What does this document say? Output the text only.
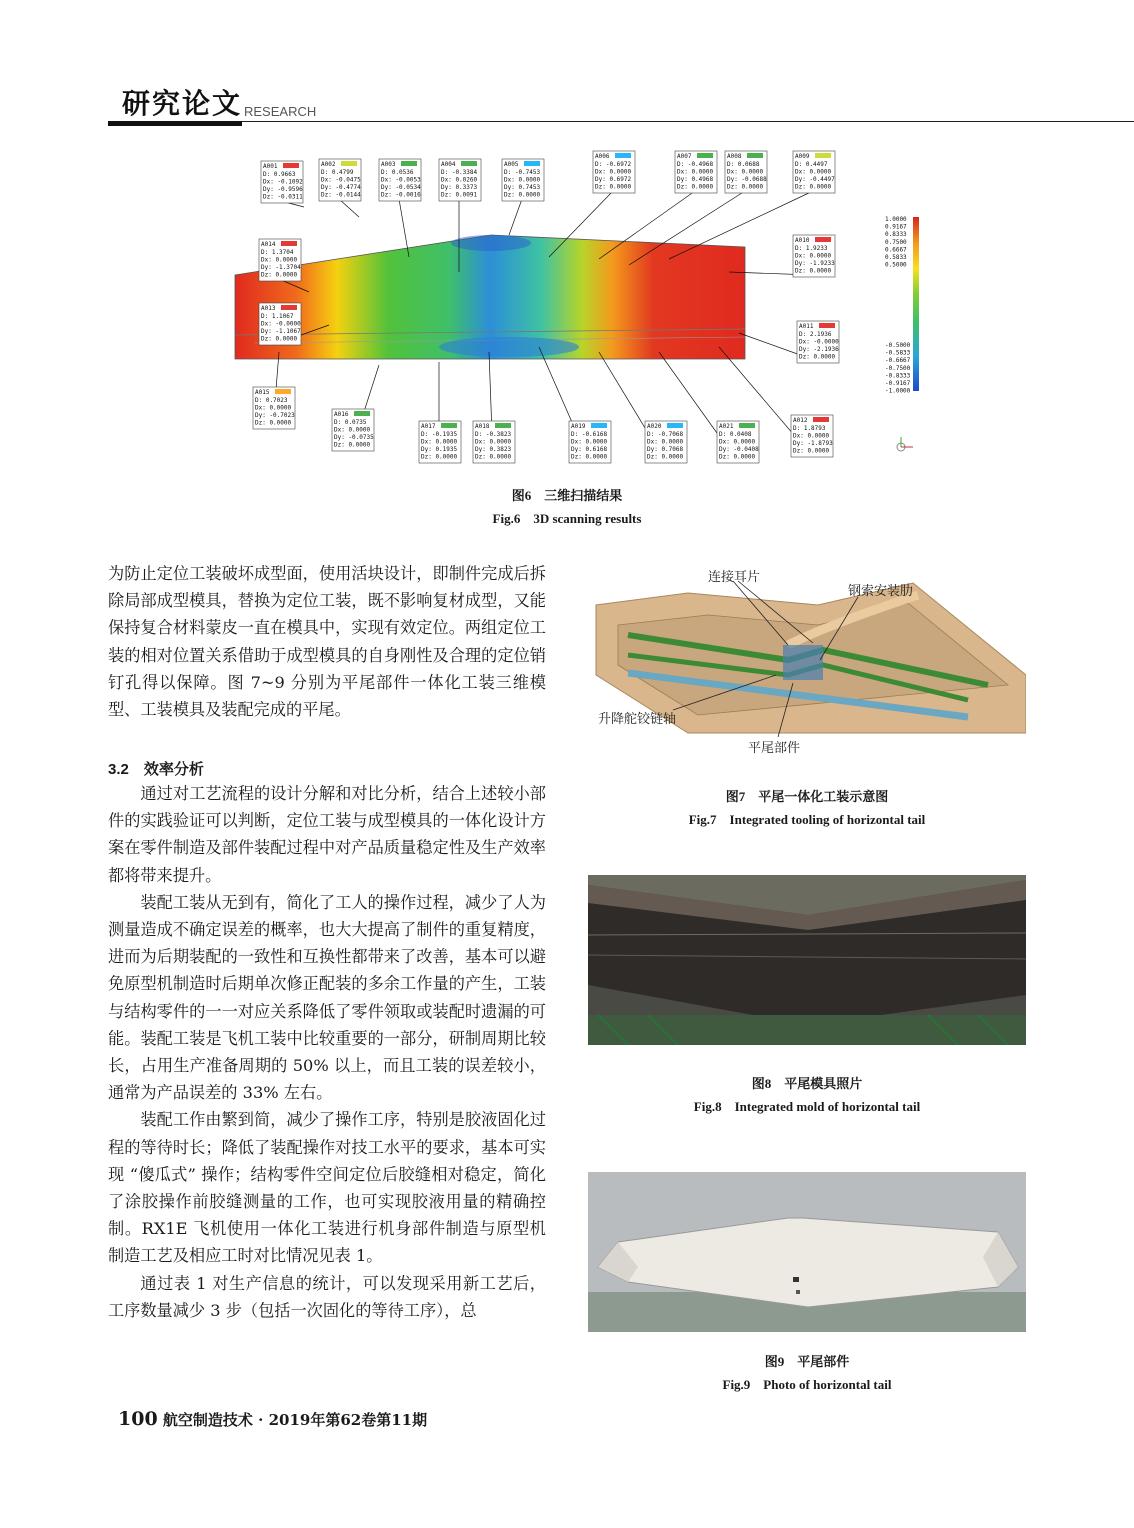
研究论文 RESEARCH
1.0000
0.9167
0.8333
0.7500
0.6667
0.5833
0.5000
-0.5000
-0.5833
-0.6667
-0.7500
-0.8333
-0.9167
-1.0000
A001
D: 0.9663
Dx: -0.1092
Dy: -0.9596
Dz: -0.0311
A002
D: 0.4799
Dx: -0.0475
Dy: -0.4774
Dz: -0.0144
A003
D: 0.0536
Dx: -0.0053
Dy: -0.0534
Dz: -0.0016
A004
D: -0.3384
Dx: 0.0260
Dy: 0.3373
Dz: 0.0091
A005
D: -0.7453
Dx: 0.0000
Dy: 0.7453
Dz: 0.0000
A006
D: -0.6972
Dx: 0.0000
Dy: 0.6972
Dz: 0.0000
A007
D: -0.4968
Dx: 0.0000
Dy: 0.4968
Dz: 0.0000
A008
D: 0.0688
Dx: 0.0000
Dy: -0.0688
Dz: 0.0000
A009
D: 0.4497
Dx: 0.0000
Dy: -0.4497
Dz: 0.0000
A010
D: 1.9233
Dx: 0.0000
Dy: -1.9233
Dz: 0.0000
A011
D: 2.1936
Dx: -0.0000
Dy: -2.1936
Dz: 0.0000
A012
D: 1.8793
Dx: 0.0000
Dy: -1.8793
Dz: 0.0000
A013
D: 1.1067
Dx: -0.0000
Dy: -1.1067
Dz: 0.0000
A014
D: 1.3704
Dx: 0.0000
Dy: -1.3704
Dz: 0.0000
A015
D: 0.7023
Dx: 0.0000
Dy: -0.7023
Dz: 0.0000
A016
D: 0.0735
Dx: 0.0000
Dy: -0.0735
Dz: 0.0000
A017
D: -0.1935
Dx: 0.0000
Dy: 0.1935
Dz: 0.0000
A018
D: -0.3823
Dx: 0.0000
Dy: 0.3823
Dz: 0.0000
A019
D: -0.6168
Dx: 0.0000
Dy: 0.6168
Dz: 0.0000
A020
D: -0.7068
Dx: 0.0000
Dy: 0.7068
Dz: 0.0000
A021
D: 0.0408
Dx: 0.0000
Dy: -0.0408
Dz: 0.0000
图6　三维扫描结果
Fig.6　3D scanning results

为防止定位工装破坏成型面，使用活块设计，即制件完成后拆除局部成型模具，替换为定位工装，既不影响复材成型，又能保持复合材料蒙皮一直在模具中，实现有效定位。两组定位工装的相对位置关系借助于成型模具的自身刚性及合理的定位销钉孔得以保障。图 7~9 分别为平尾部件一体化工装三维模型、工装模具及装配完成的平尾。

3.2　效率分析

通过对工艺流程的设计分解和对比分析，结合上述较小部件的实践验证可以判断，定位工装与成型模具的一体化设计方案在零件制造及部件装配过程中对产品质量稳定性及生产效率都将带来提升。

装配工装从无到有，简化了工人的操作过程，减少了人为测量造成不确定误差的概率，也大大提高了制件的重复精度，进而为后期装配的一致性和互换性都带来了改善，基本可以避免原型机制造时后期单次修正配装的多余工作量的产生，工装与结构零件的一一对应关系降低了零件领取或装配时遗漏的可能。装配工装是飞机工装中比较重要的一部分，研制周期比较长，占用生产准备周期的 50% 以上，而且工装的误差较小，通常为产品误差的 33% 左右。

装配工作由繁到简，减少了操作工序，特别是胶液固化过程的等待时长；降低了装配操作对技工水平的要求，基本可实现 “傻瓜式” 操作；结构零件空间定位后胶缝相对稳定，简化了涂胶操作前胶缝测量的工作，也可实现胶液用量的精确控制。RX1E 飞机使用一体化工装进行机身部件制造与原型机制造工艺及相应工时对比情况见表 1。

通过表 1 对生产信息的统计，可以发现采用新工艺后，工序数量减少 3 步（包括一次固化的等待工序），总

连接耳片
钢索安装肋
升降舵铰链轴
平尾部件
图7　平尾一体化工装示意图
Fig.7　Integrated tooling of horizontal tail
图8　平尾模具照片
Fig.8　Integrated mold of horizontal tail
图9　平尾部件
Fig.9　Photo of horizontal tail
100 航空制造技术 · 2019年第62卷第11期
